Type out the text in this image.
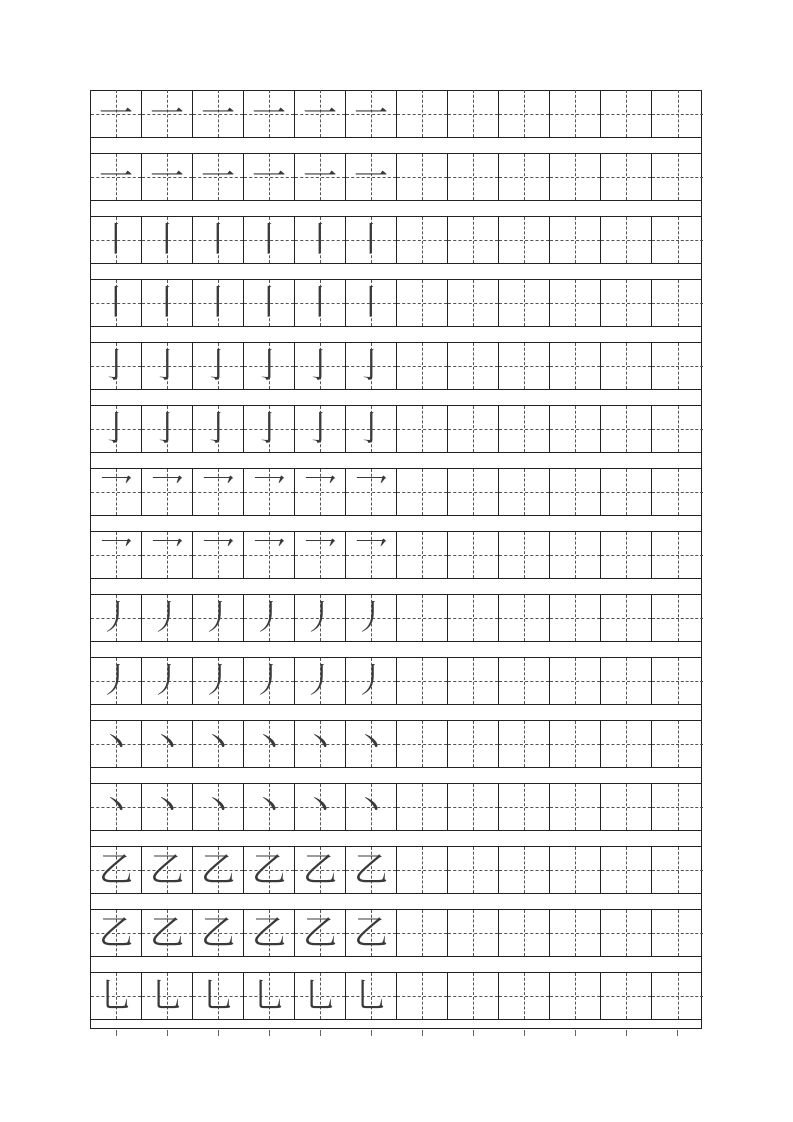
一 一 一 一 一 一
一 一 一 一 一 一
丨 丨 丨 丨 丨 丨
丨 丨 丨 丨 丨 丨
亅 亅 亅 亅 亅 亅
亅 亅 亅 亅 亅 亅
乛 乛 乛 乛 乛 乛
乛 乛 乛 乛 乛 乛
丿 丿 丿 丿 丿 丿
丿 丿 丿 丿 丿 丿
丶 丶 丶 丶 丶 丶
丶 丶 丶 丶 丶 丶
乙 乙 乙 乙 乙 乙
乙 乙 乙 乙 乙 乙
乚 乚 乚 乚 乚 乚
